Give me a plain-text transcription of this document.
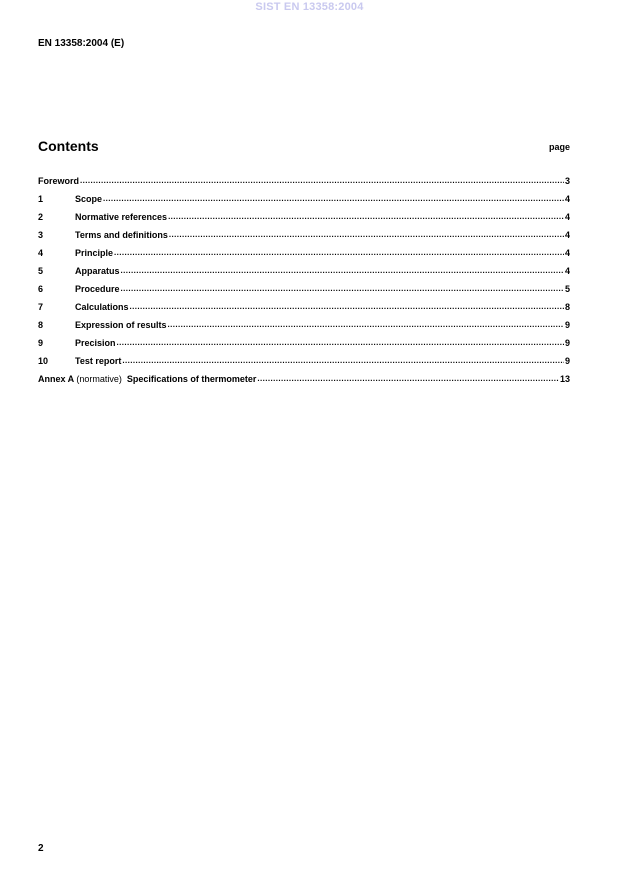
SIST EN 13358:2004
EN 13358:2004 (E)
Contents	page
Foreword .....	3
1	Scope .....	4
2	Normative references .....	4
3	Terms and definitions .....	4
4	Principle .....	4
5	Apparatus .....	4
6	Procedure .....	5
7	Calculations .....	8
8	Expression of results .....	9
9	Precision .....	9
10	Test report .....	9
Annex A (normative) Specifications of thermometer .....	13
2
